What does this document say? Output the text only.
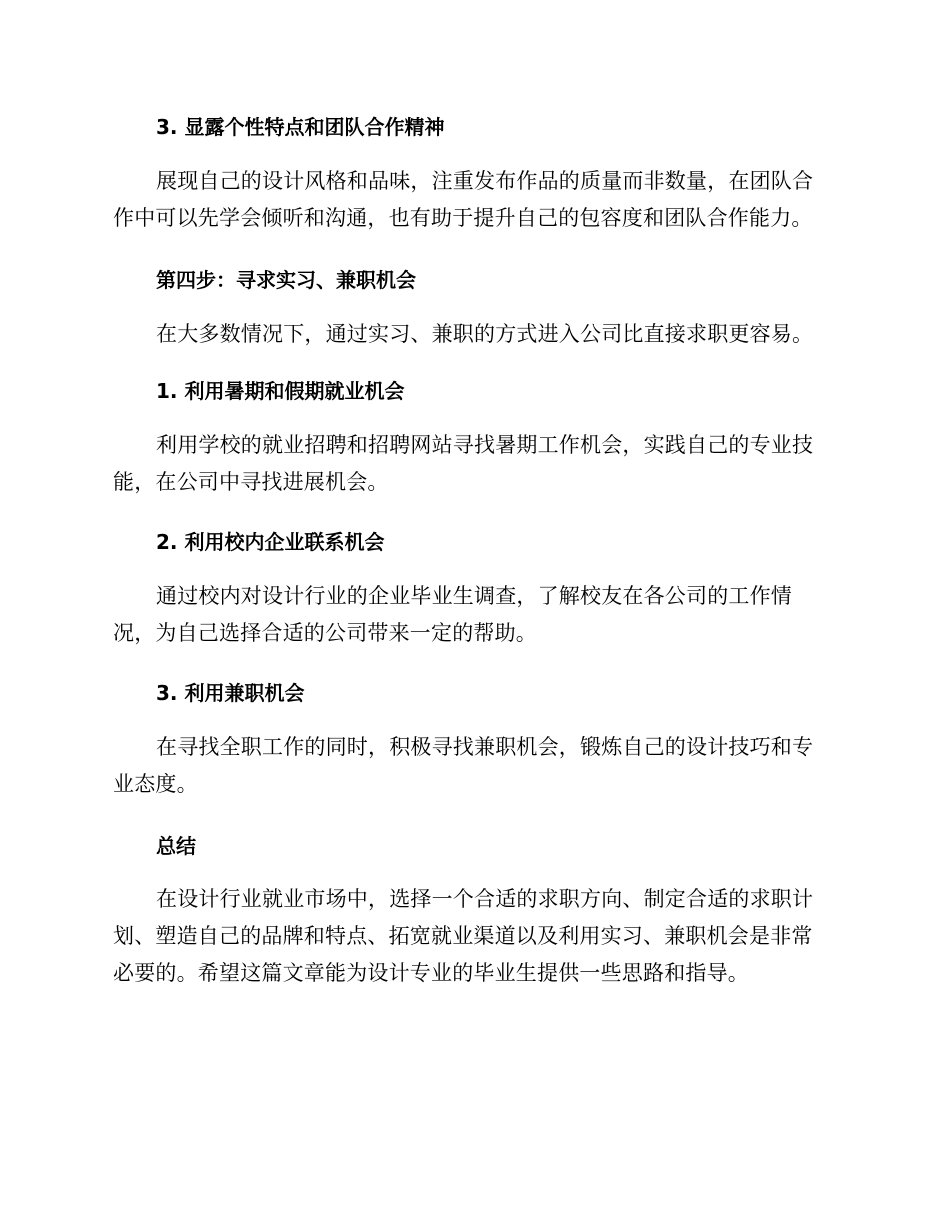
3. 显露个性特点和团队合作精神
展现自己的设计风格和品味，注重发布作品的质量而非数量，在团队合作中可以先学会倾听和沟通，也有助于提升自己的包容度和团队合作能力。
第四步：寻求实习、兼职机会
在大多数情况下，通过实习、兼职的方式进入公司比直接求职更容易。
1. 利用暑期和假期就业机会
利用学校的就业招聘和招聘网站寻找暑期工作机会，实践自己的专业技能，在公司中寻找进展机会。
2. 利用校内企业联系机会
通过校内对设计行业的企业毕业生调查，了解校友在各公司的工作情况，为自己选择合适的公司带来一定的帮助。
3. 利用兼职机会
在寻找全职工作的同时，积极寻找兼职机会，锻炼自己的设计技巧和专业态度。
总结
在设计行业就业市场中，选择一个合适的求职方向、制定合适的求职计划、塑造自己的品牌和特点、拓宽就业渠道以及利用实习、兼职机会是非常必要的。希望这篇文章能为设计专业的毕业生提供一些思路和指导。
